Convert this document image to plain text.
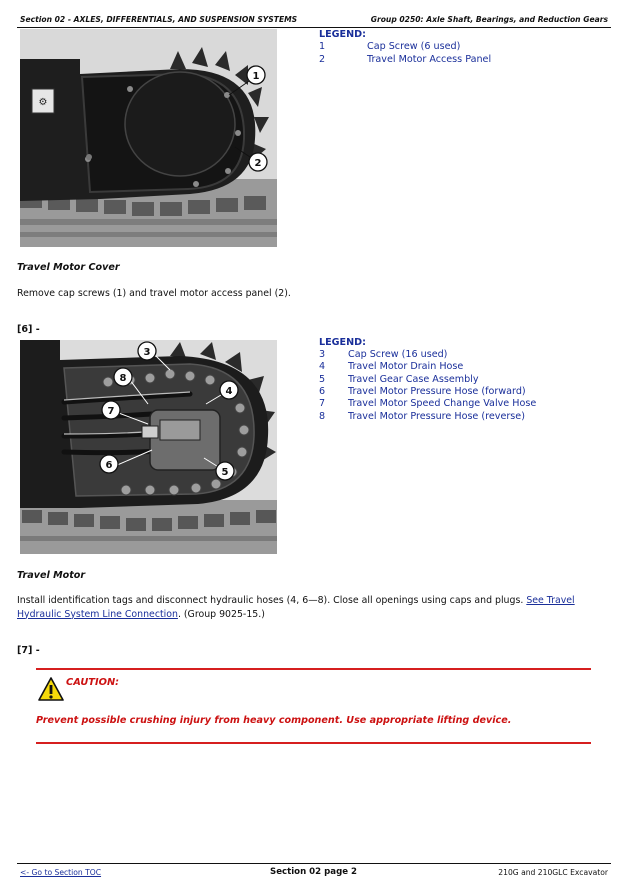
Section 02 - AXLES, DIFFERENTIALS, AND SUSPENSION SYSTEMS	Group 0250: Axle Shaft, Bearings, and Reduction Gears
⚙
1
2
LEGEND:
1	Cap Screw (6 used)
2	Travel Motor Access Panel
Travel Motor Cover
Remove cap screws (1) and travel motor access panel (2).
[6] -
3
4
5
6
7
8
LEGEND:
3 Cap Screw (16 used)
4 Travel Motor Drain Hose
5 Travel Gear Case Assembly
6 Travel Motor Pressure Hose (forward)
7 Travel Motor Speed Change Valve Hose
8 Travel Motor Pressure Hose (reverse)
Travel Motor
Install identification tags and disconnect hydraulic hoses (4, 6—8). Close all openings using caps and plugs. See Travel
Hydraulic System Line Connection. (Group 9025-15.)
[7] -
CAUTION:
Prevent possible crushing injury from heavy component. Use appropriate lifting device.
<- Go to Section TOC	Section 02 page 2	210G and 210GLC Excavator
